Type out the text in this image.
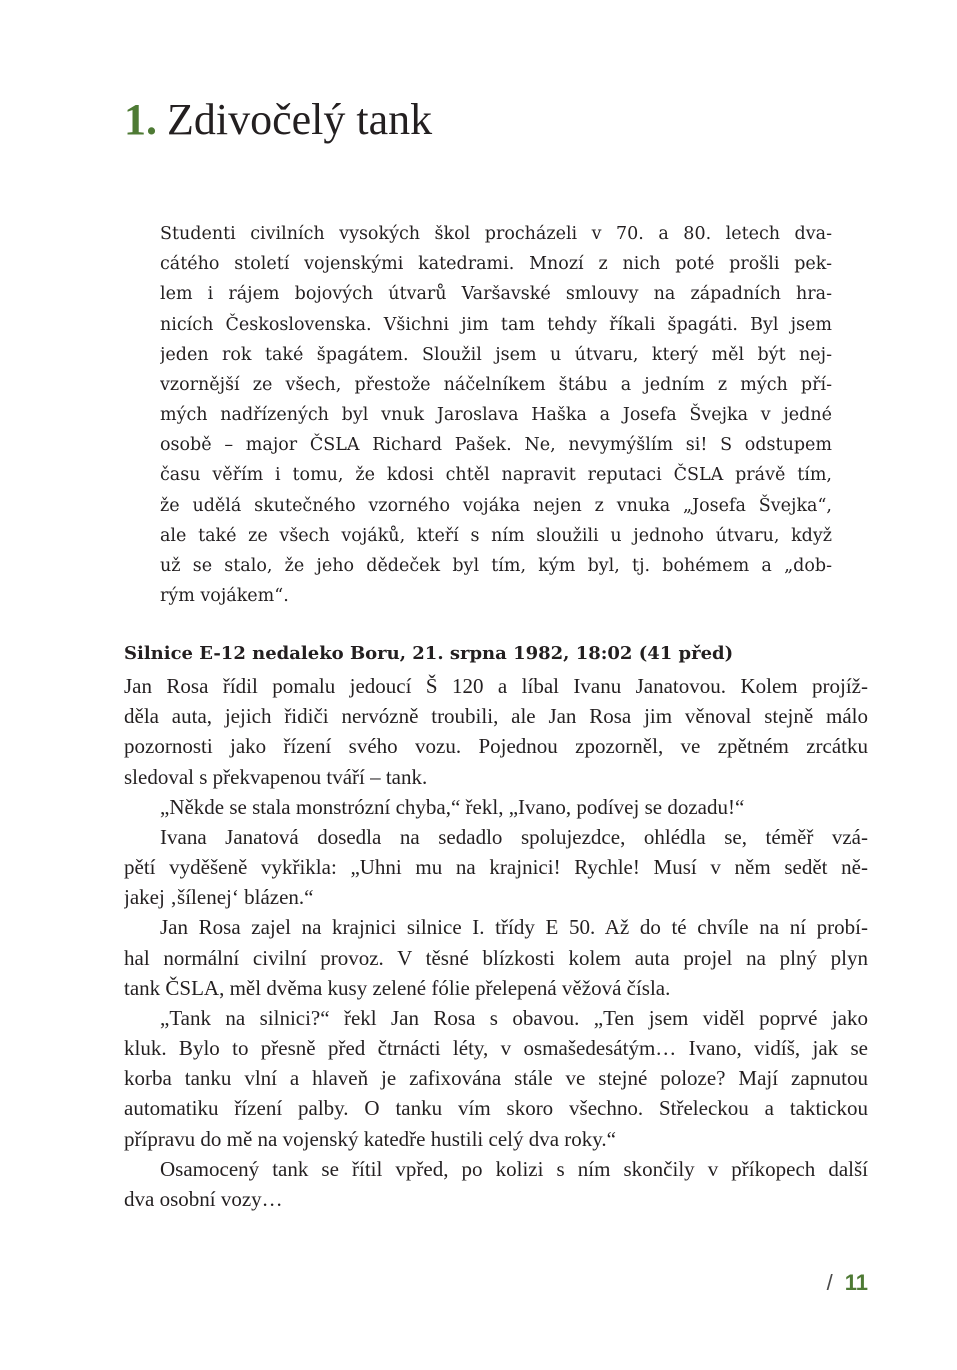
1. Zdivočelý tank
Studenti civilních vysokých škol procházeli v 70. a 80. letech dva-
cátého století vojenskými katedrami. Mnozí z nich poté prošli pek-
lem i rájem bojových útvarů Varšavské smlouvy na západních hra-
nicích Československa. Všichni jim tam tehdy říkali špagáti. Byl jsem
jeden rok také špagátem. Sloužil jsem u útvaru, který měl být nej-
vzornější ze všech, přestože náčelníkem štábu a jedním z mých pří-
mých nadřízených byl vnuk Jaroslava Haška a Josefa Švejka v jedné
osobě – major ČSLA Richard Pašek. Ne, nevymýšlím si! S odstupem
času věřím i tomu, že kdosi chtěl napravit reputaci ČSLA právě tím,
že udělá skutečného vzorného vojáka nejen z vnuka „Josefa Švejka“,
ale také ze všech vojáků, kteří s ním sloužili u jednoho útvaru, když
už se stalo, že jeho dědeček byl tím, kým byl, tj. bohémem a „dob-
rým vojákem“.
Silnice E-12 nedaleko Boru, 21. srpna 1982, 18:02 (41 před)
Jan Rosa řídil pomalu jedoucí Š 120 a líbal Ivanu Janatovou. Kolem projíž-
děla auta, jejich řidiči nervózně troubili, ale Jan Rosa jim věnoval stejně málo
pozornosti jako řízení svého vozu. Pojednou zpozorněl, ve zpětném zrcátku
sledoval s překvapenou tváří – tank.
„Někde se stala monstrózní chyba,“ řekl, „Ivano, podívej se dozadu!“
Ivana Janatová dosedla na sedadlo spolujezdce, ohlédla se, téměř vzá-
pětí vyděšeně vykřikla: „Uhni mu na krajnici! Rychle! Musí v něm sedět ně-
jakej ‚šílenej‘ blázen.“
Jan Rosa zajel na krajnici silnice I. třídy E 50. Až do té chvíle na ní probí-
hal normální civilní provoz. V těsné blízkosti kolem auta projel na plný plyn
tank ČSLA, měl dvěma kusy zelené fólie přelepená věžová čísla.
„Tank na silnici?“ řekl Jan Rosa s obavou. „Ten jsem viděl poprvé jako
kluk. Bylo to přesně před čtrnácti léty, v osmašedesátým… Ivano, vidíš, jak se
korba tanku vlní a hlaveň je zafixována stále ve stejné poloze? Mají zapnutou
automatiku řízení palby. O tanku vím skoro všechno. Střeleckou a taktickou
přípravu do mě na vojenský katedře hustili celý dva roky.“
Osamocený tank se řítil vpřed, po kolizi s ním skončily v příkopech další
dva osobní vozy…
/ 11
